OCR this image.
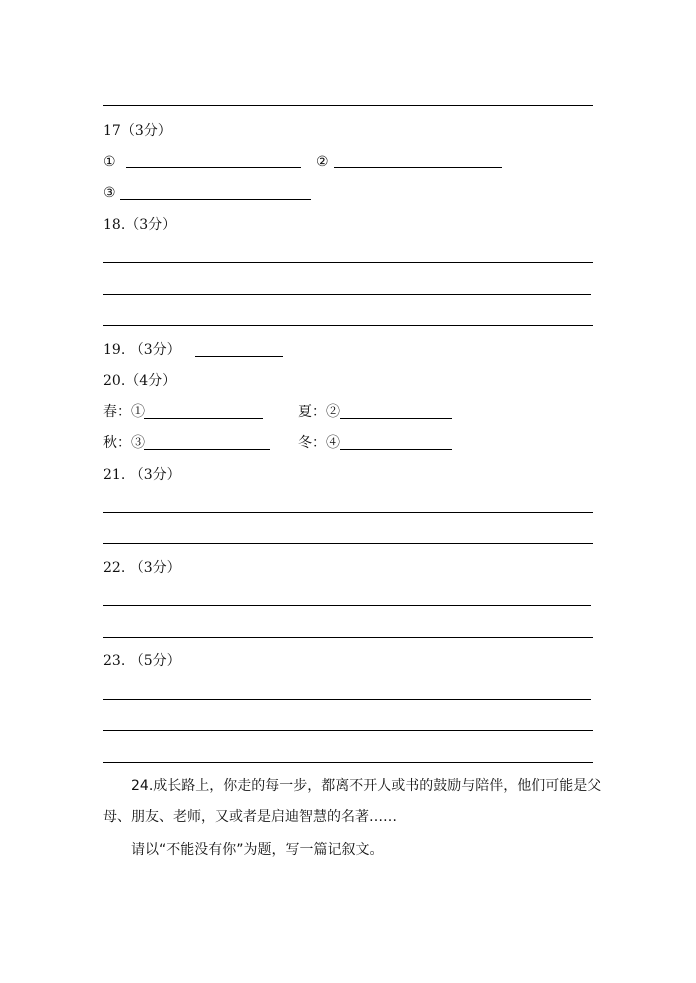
17（3分）
①	②
③
18.（3分）
19. （3分）
20.（4分）
春：①	夏：②
秋：③	冬：④
21. （3分）
22. （3分）
23. （5分）
24.成长路上，你走的每一步，都离不开人或书的鼓励与陪伴，他们可能是父
母、朋友、老师，又或者是启迪智慧的名著……
请以“不能没有你”为题，写一篇记叙文。
